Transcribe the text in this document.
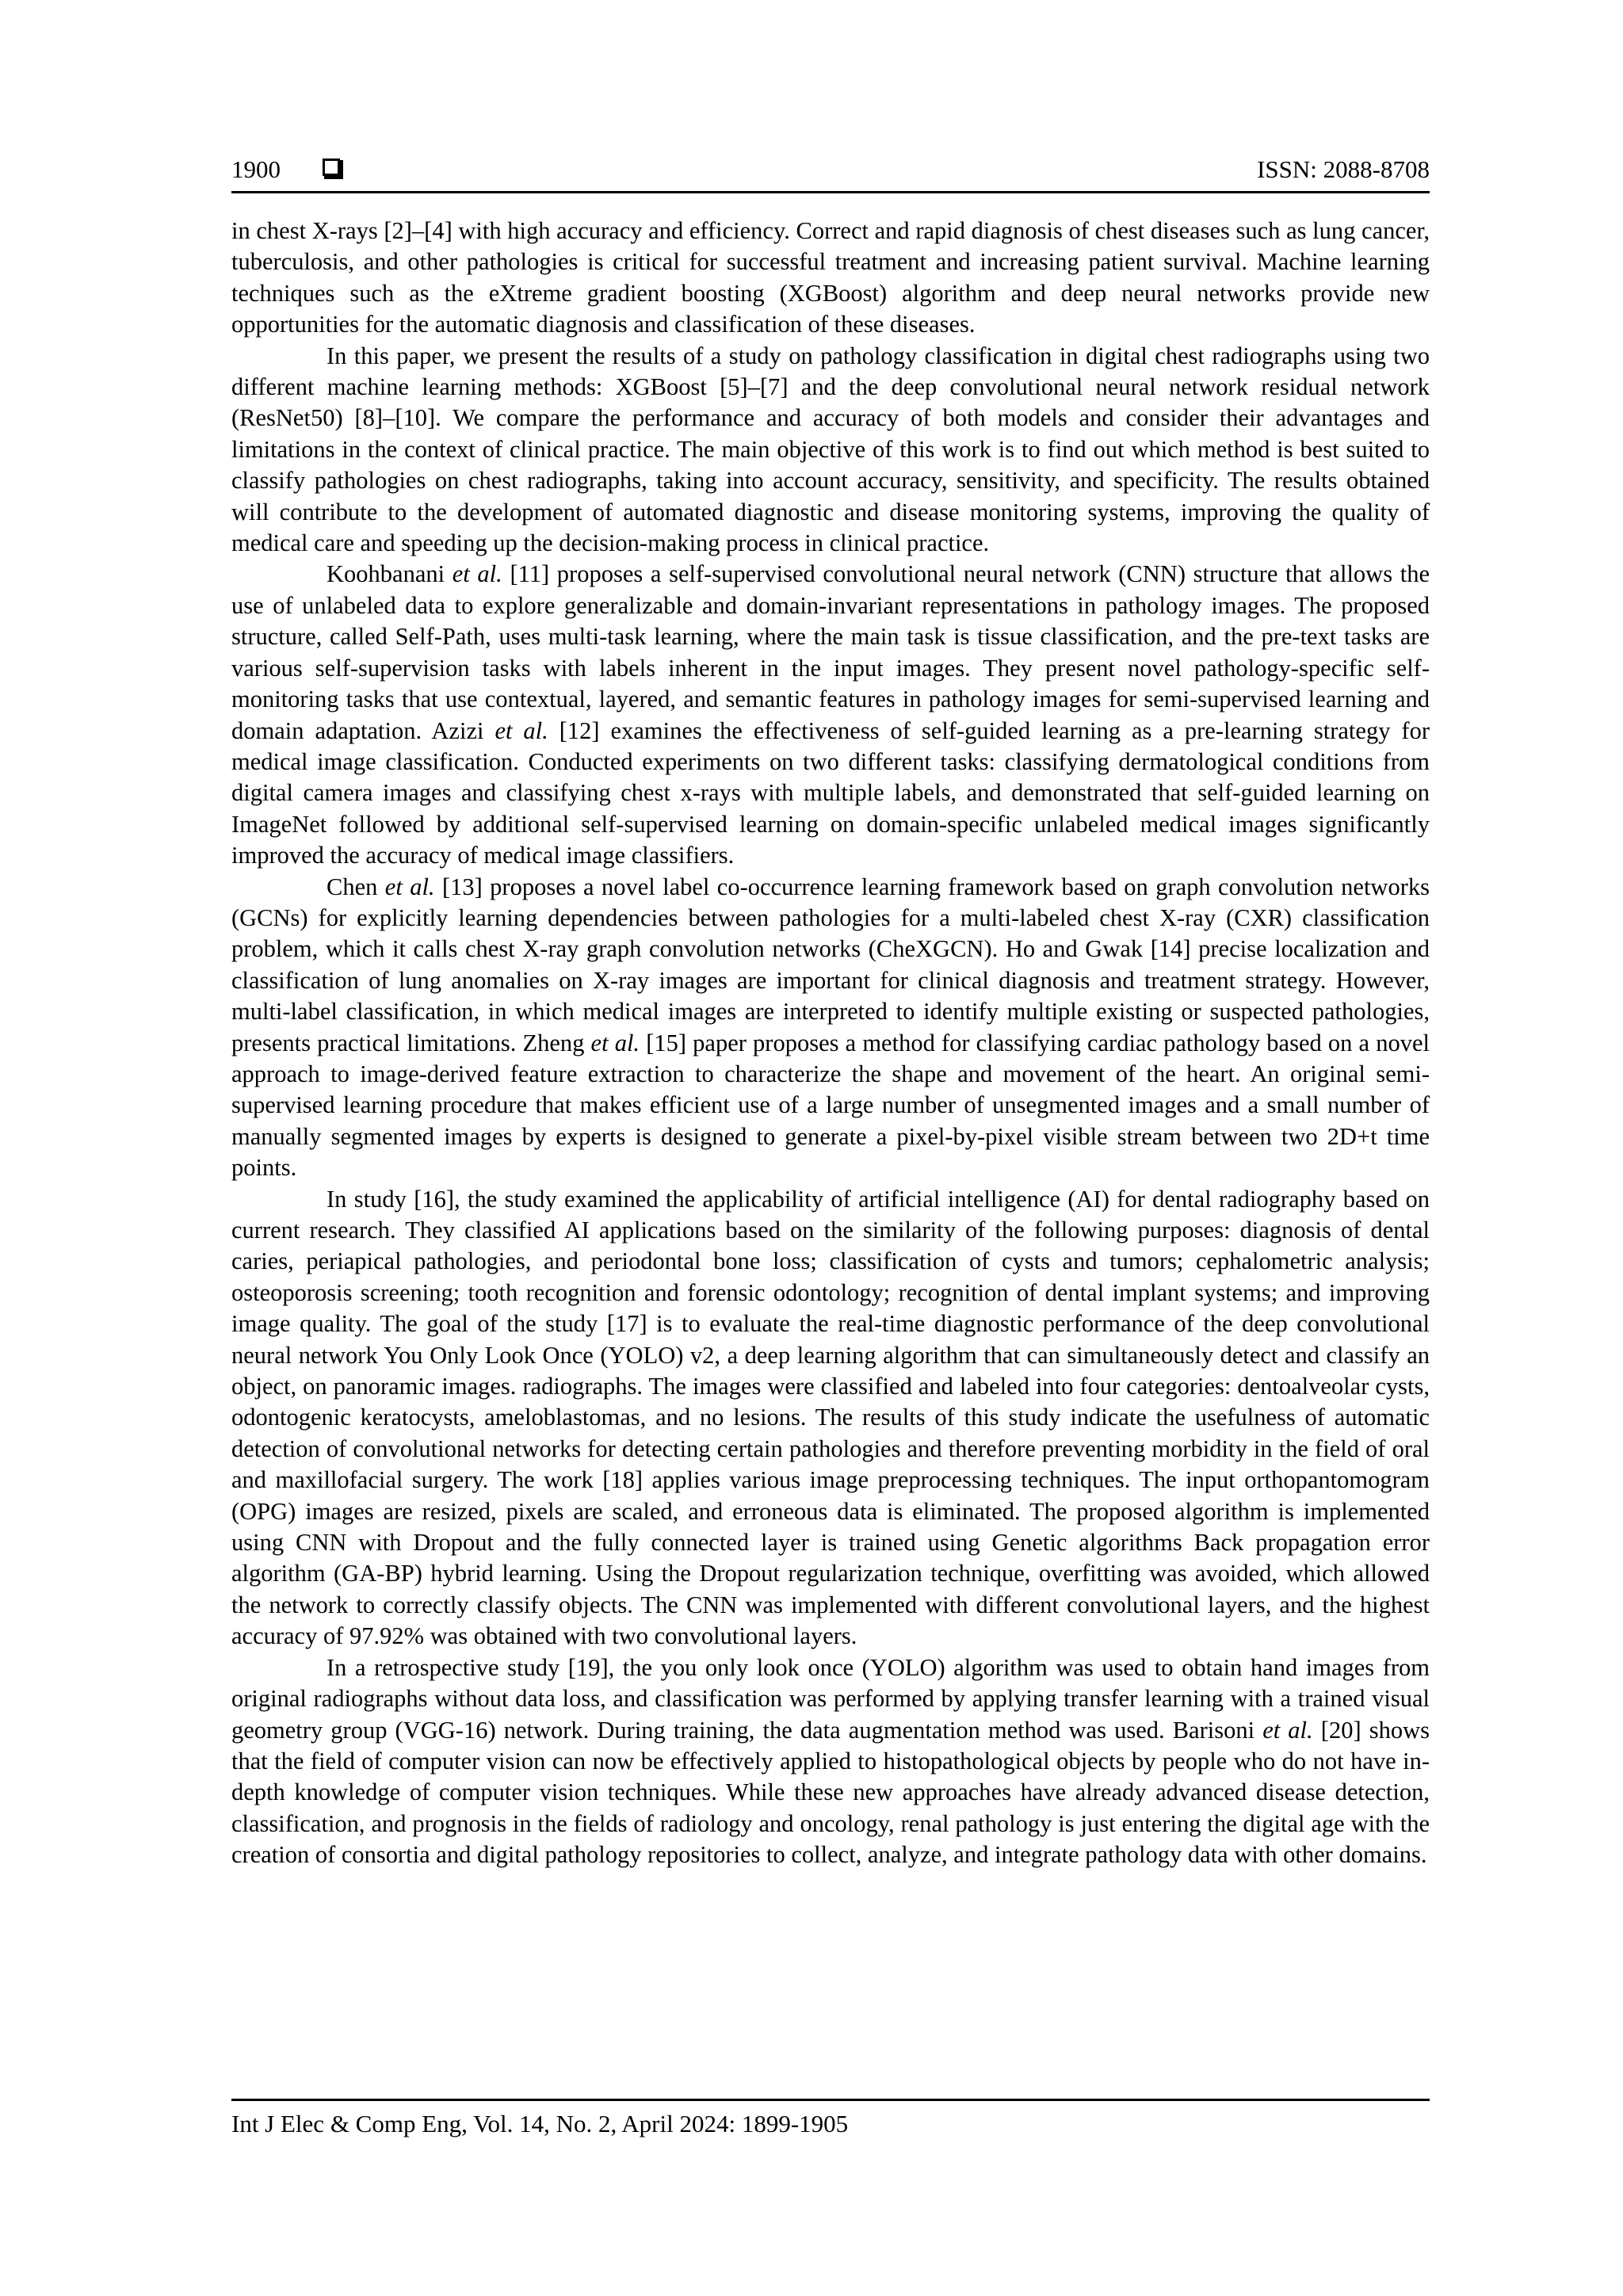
1900	ISSN: 2088-8708

in chest X-rays [2]–[4] with high accuracy and efficiency. Correct and rapid diagnosis of chest diseases such as lung cancer, tuberculosis, and other pathologies is critical for successful treatment and increasing patient survival. Machine learning techniques such as the eXtreme gradient boosting (XGBoost) algorithm and deep neural networks provide new opportunities for the automatic diagnosis and classification of these diseases.

In this paper, we present the results of a study on pathology classification in digital chest radiographs using two different machine learning methods: XGBoost [5]–[7] and the deep convolutional neural network residual network (ResNet50) [8]–[10]. We compare the performance and accuracy of both models and consider their advantages and limitations in the context of clinical practice. The main objective of this work is to find out which method is best suited to classify pathologies on chest radiographs, taking into account accuracy, sensitivity, and specificity. The results obtained will contribute to the development of automated diagnostic and disease monitoring systems, improving the quality of medical care and speeding up the decision-making process in clinical practice.

Koohbanani et al. [11] proposes a self-supervised convolutional neural network (CNN) structure that allows the use of unlabeled data to explore generalizable and domain-invariant representations in pathology images. The proposed structure, called Self-Path, uses multi-task learning, where the main task is tissue classification, and the pre-text tasks are various self-supervision tasks with labels inherent in the input images. They present novel pathology-specific self-monitoring tasks that use contextual, layered, and semantic features in pathology images for semi-supervised learning and domain adaptation. Azizi et al. [12] examines the effectiveness of self-guided learning as a pre-learning strategy for medical image classification. Conducted experiments on two different tasks: classifying dermatological conditions from digital camera images and classifying chest x-rays with multiple labels, and demonstrated that self-guided learning on ImageNet followed by additional self-supervised learning on domain-specific unlabeled medical images significantly improved the accuracy of medical image classifiers.

Chen et al. [13] proposes a novel label co-occurrence learning framework based on graph convolution networks (GCNs) for explicitly learning dependencies between pathologies for a multi-labeled chest X-ray (CXR) classification problem, which it calls chest X-ray graph convolution networks (CheXGCN). Ho and Gwak [14] precise localization and classification of lung anomalies on X-ray images are important for clinical diagnosis and treatment strategy. However, multi-label classification, in which medical images are interpreted to identify multiple existing or suspected pathologies, presents practical limitations. Zheng et al. [15] paper proposes a method for classifying cardiac pathology based on a novel approach to image-derived feature extraction to characterize the shape and movement of the heart. An original semi-supervised learning procedure that makes efficient use of a large number of unsegmented images and a small number of manually segmented images by experts is designed to generate a pixel-by-pixel visible stream between two 2D+t time points.

In study [16], the study examined the applicability of artificial intelligence (AI) for dental radiography based on current research. They classified AI applications based on the similarity of the following purposes: diagnosis of dental caries, periapical pathologies, and periodontal bone loss; classification of cysts and tumors; cephalometric analysis; osteoporosis screening; tooth recognition and forensic odontology; recognition of dental implant systems; and improving image quality. The goal of the study [17] is to evaluate the real-time diagnostic performance of the deep convolutional neural network You Only Look Once (YOLO) v2, a deep learning algorithm that can simultaneously detect and classify an object, on panoramic images. radiographs. The images were classified and labeled into four categories: dentoalveolar cysts, odontogenic keratocysts, ameloblastomas, and no lesions. The results of this study indicate the usefulness of automatic detection of convolutional networks for detecting certain pathologies and therefore preventing morbidity in the field of oral and maxillofacial surgery. The work [18] applies various image preprocessing techniques. The input orthopantomogram (OPG) images are resized, pixels are scaled, and erroneous data is eliminated. The proposed algorithm is implemented using CNN with Dropout and the fully connected layer is trained using Genetic algorithms Back propagation error algorithm (GA-BP) hybrid learning. Using the Dropout regularization technique, overfitting was avoided, which allowed the network to correctly classify objects. The CNN was implemented with different convolutional layers, and the highest accuracy of 97.92% was obtained with two convolutional layers.

In a retrospective study [19], the you only look once (YOLO) algorithm was used to obtain hand images from original radiographs without data loss, and classification was performed by applying transfer learning with a trained visual geometry group (VGG-16) network. During training, the data augmentation method was used. Barisoni et al. [20] shows that the field of computer vision can now be effectively applied to histopathological objects by people who do not have in-depth knowledge of computer vision techniques. While these new approaches have already advanced disease detection, classification, and prognosis in the fields of radiology and oncology, renal pathology is just entering the digital age with the creation of consortia and digital pathology repositories to collect, analyze, and integrate pathology data with other domains.

Int J Elec & Comp Eng, Vol. 14, No. 2, April 2024: 1899-1905
